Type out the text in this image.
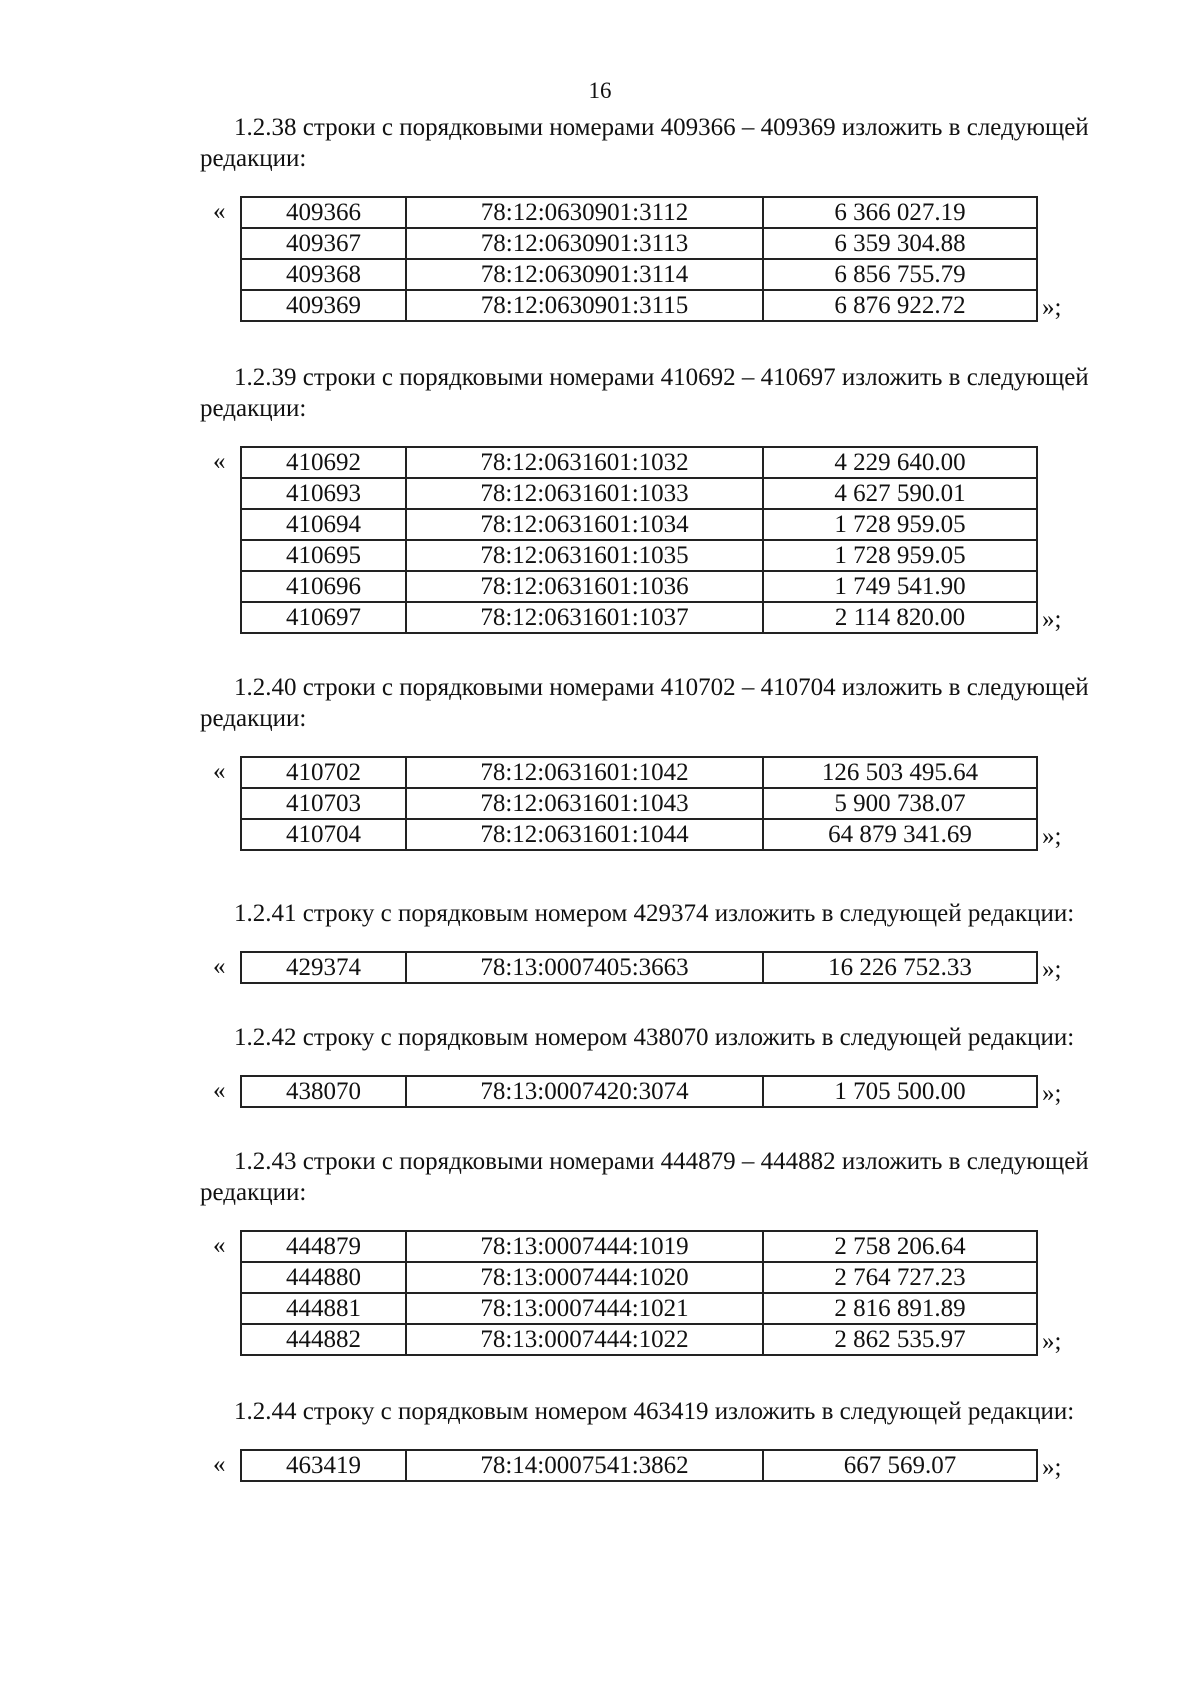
16

1.2.38 строки с порядковыми номерами 409366 – 409369 изложить в следующей
редакции:

« 409366	78:12:0630901:3112	6 366 027.19
409367	78:12:0630901:3113	6 359 304.88
409368	78:12:0630901:3114	6 856 755.79
409369	78:12:0630901:3115	6 876 922.72	»;

1.2.39 строки с порядковыми номерами 410692 – 410697 изложить в следующей
редакции:

« 410692	78:12:0631601:1032	4 229 640.00
410693	78:12:0631601:1033	4 627 590.01
410694	78:12:0631601:1034	1 728 959.05
410695	78:12:0631601:1035	1 728 959.05
410696	78:12:0631601:1036	1 749 541.90
410697	78:12:0631601:1037	2 114 820.00	»;

1.2.40 строки с порядковыми номерами 410702 – 410704 изложить в следующей
редакции:

« 410702	78:12:0631601:1042	126 503 495.64
410703	78:12:0631601:1043	5 900 738.07
410704	78:12:0631601:1044	64 879 341.69	»;

1.2.41 строку с порядковым номером 429374 изложить в следующей редакции:

« 429374	78:13:0007405:3663	16 226 752.33	»;

1.2.42 строку с порядковым номером 438070 изложить в следующей редакции:

« 438070	78:13:0007420:3074	1 705 500.00	»;

1.2.43 строки с порядковыми номерами 444879 – 444882 изложить в следующей
редакции:

« 444879	78:13:0007444:1019	2 758 206.64
444880	78:13:0007444:1020	2 764 727.23
444881	78:13:0007444:1021	2 816 891.89
444882	78:13:0007444:1022	2 862 535.97	»;

1.2.44 строку с порядковым номером 463419 изложить в следующей редакции:

« 463419	78:14:0007541:3862	667 569.07	»;
